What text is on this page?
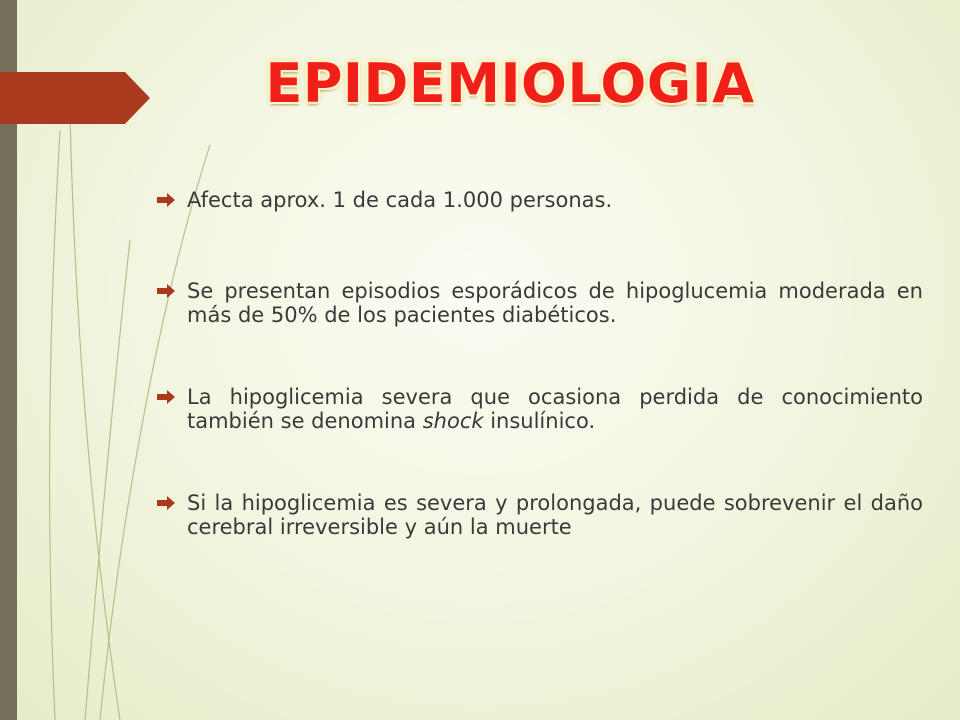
EPIDEMIOLOGIA
Afecta aprox. 1 de cada 1.000 personas.
Se presentan episodios esporádicos de hipoglucemia moderada en más de 50% de los pacientes diabéticos.
La hipoglicemia severa que ocasiona perdida de conocimiento también se denomina shock insulínico.
Si la hipoglicemia es severa y prolongada, puede sobrevenir el daño cerebral irreversible y aún la muerte
